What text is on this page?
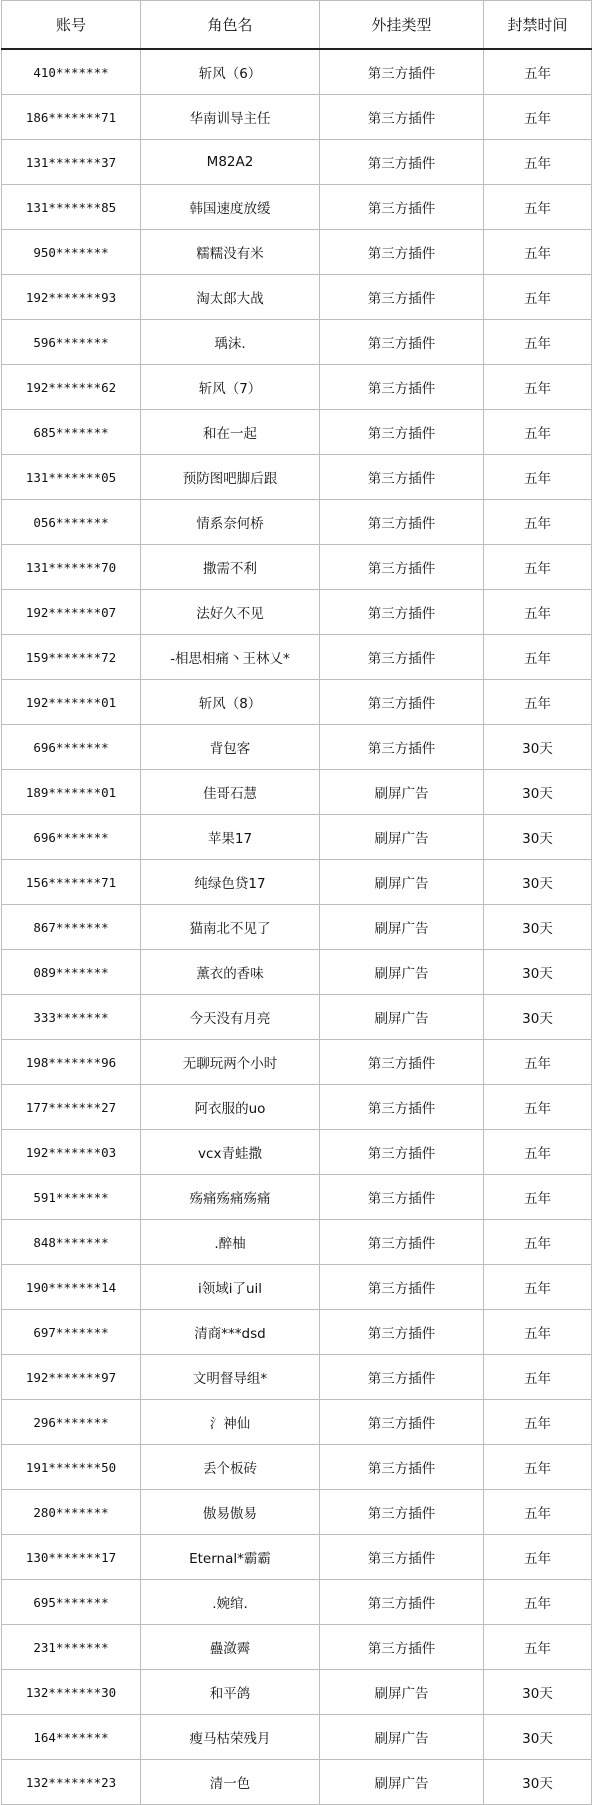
账号	角色名	外挂类型	封禁时间
410*******	斩风（6）	第三方插件	五年
186*******71	华南训导主任	第三方插件	五年
131*******37	M82A2	第三方插件	五年
131*******85	韩国速度放缓	第三方插件	五年
950*******	糯糯没有米	第三方插件	五年
192*******93	淘太郎大战	第三方插件	五年
596*******	瑀沫.	第三方插件	五年
192*******62	斩风（7）	第三方插件	五年
685*******	和在一起	第三方插件	五年
131*******05	预防图吧脚后跟	第三方插件	五年
056*******	情系奈何桥	第三方插件	五年
131*******70	撒需不利	第三方插件	五年
192*******07	法好久不见	第三方插件	五年
159*******72	-相思相痛丶王林乂*	第三方插件	五年
192*******01	斩风（8）	第三方插件	五年
696*******	背包客	第三方插件	30天
189*******01	佳哥石慧	刷屏广告	30天
696*******	苹果17	刷屏广告	30天
156*******71	纯绿色贷17	刷屏广告	30天
867*******	猫南北不见了	刷屏广告	30天
089*******	薰衣的香味	刷屏广告	30天
333*******	今天没有月亮	刷屏广告	30天
198*******96	无聊玩两个小时	第三方插件	五年
177*******27	阿衣服的uo	第三方插件	五年
192*******03	vcx青蛙撒	第三方插件	五年
591*******	殇痛殇痛殇痛	第三方插件	五年
848*******	.醉柚	第三方插件	五年
190*******14	i领域i了uil	第三方插件	五年
697*******	清商***dsd	第三方插件	五年
192*******97	文明督导组*	第三方插件	五年
296*******	氵神仙	第三方插件	五年
191*******50	丢个板砖	第三方插件	五年
280*******	傲易傲易	第三方插件	五年
130*******17	Eternal*霸霸	第三方插件	五年
695*******	.婉绾.	第三方插件	五年
231*******	蠱潋霽	第三方插件	五年
132*******30	和平鸽	刷屏广告	30天
164*******	瘦马枯荣残月	刷屏广告	30天
132*******23	清一色	刷屏广告	30天
